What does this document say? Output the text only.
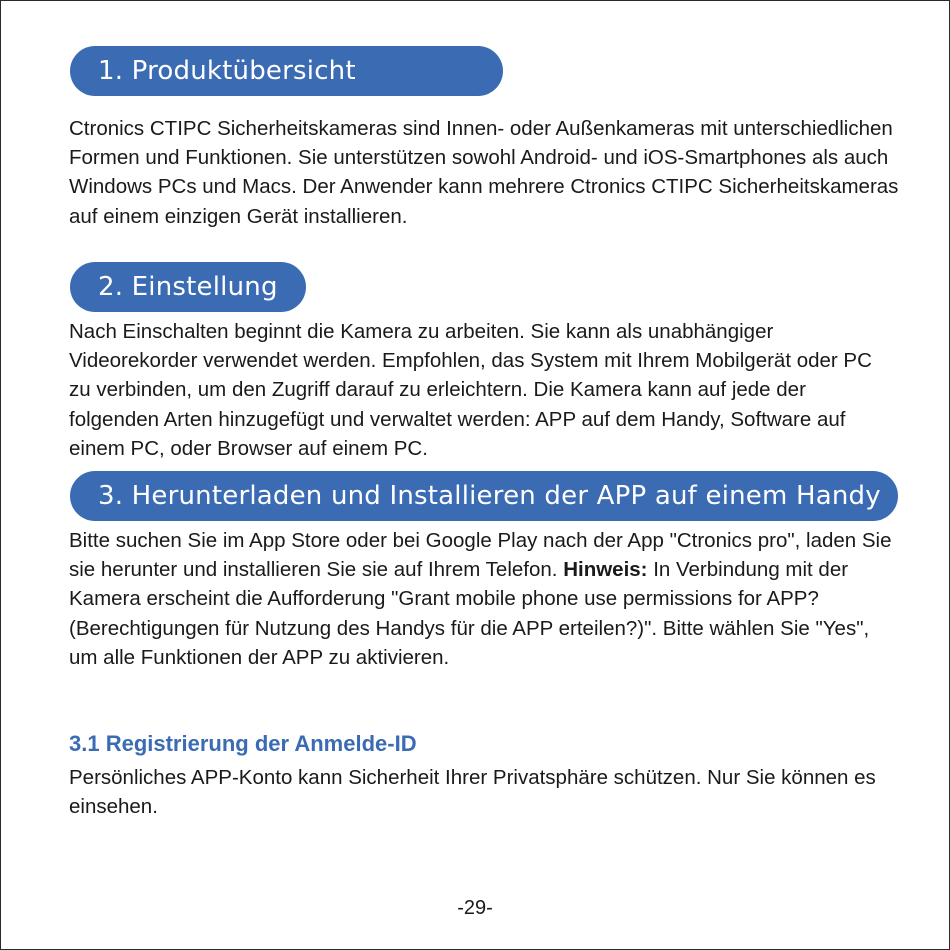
1. Produktübersicht

Ctronics CTIPC Sicherheitskameras sind Innen- oder Außenkameras mit unterschiedlichen Formen und Funktionen. Sie unterstützen sowohl Android- und iOS-Smartphones als auch Windows PCs und Macs. Der Anwender kann mehrere Ctronics CTIPC Sicherheitskameras auf einem einzigen Gerät installieren.

2. Einstellung

Nach Einschalten beginnt die Kamera zu arbeiten. Sie kann als unabhängiger Videorekorder verwendet werden. Empfohlen, das System mit Ihrem Mobilgerät oder PC zu verbinden, um den Zugriff darauf zu erleichtern. Die Kamera kann auf jede der folgenden Arten hinzugefügt und verwaltet werden: APP auf dem Handy, Software auf einem PC, oder Browser auf einem PC.

3. Herunterladen und Installieren der APP auf einem Handy

Bitte suchen Sie im App Store oder bei Google Play nach der App "Ctronics pro", laden Sie sie herunter und installieren Sie sie auf Ihrem Telefon. Hinweis: In Verbindung mit der Kamera erscheint die Aufforderung "Grant mobile phone use permissions for APP? (Berechtigungen für Nutzung des Handys für die APP erteilen?)". Bitte wählen Sie "Yes", um alle Funktionen der APP zu aktivieren.

3.1 Registrierung der Anmelde-ID

Persönliches APP-Konto kann Sicherheit Ihrer Privatsphäre schützen. Nur Sie können es einsehen.

-29-
